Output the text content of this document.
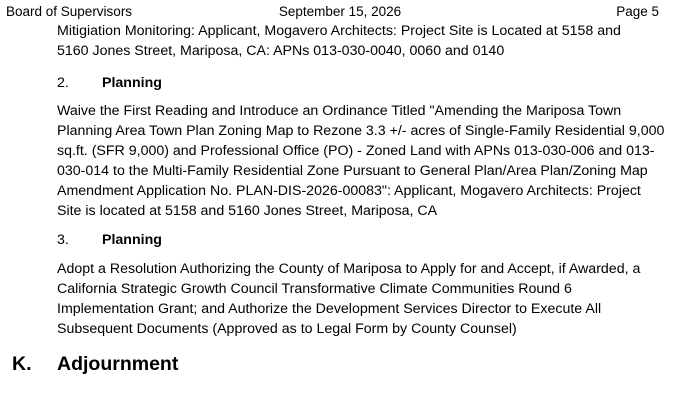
Board of Supervisors	September 15, 2026	Page 5
Mitigiation Monitoring: Applicant, Mogavero Architects: Project Site is Located at 5158 and
5160 Jones Street, Mariposa, CA: APNs 013-030-0040, 0060 and 0140
2. Planning
Waive the First Reading and Introduce an Ordinance Titled "Amending the Mariposa Town
Planning Area Town Plan Zoning Map to Rezone 3.3 +/- acres of Single-Family Residential 9,000
sq.ft. (SFR 9,000) and Professional Office (PO) - Zoned Land with APNs 013-030-006 and 013-
030-014 to the Multi-Family Residential Zone Pursuant to General Plan/Area Plan/Zoning Map
Amendment Application No. PLAN-DIS-2026-00083": Applicant, Mogavero Architects: Project
Site is located at 5158 and 5160 Jones Street, Mariposa, CA
3. Planning
Adopt a Resolution Authorizing the County of Mariposa to Apply for and Accept, if Awarded, a
California Strategic Growth Council Transformative Climate Communities Round 6
Implementation Grant; and Authorize the Development Services Director to Execute All
Subsequent Documents (Approved as to Legal Form by County Counsel)
K. Adjournment
